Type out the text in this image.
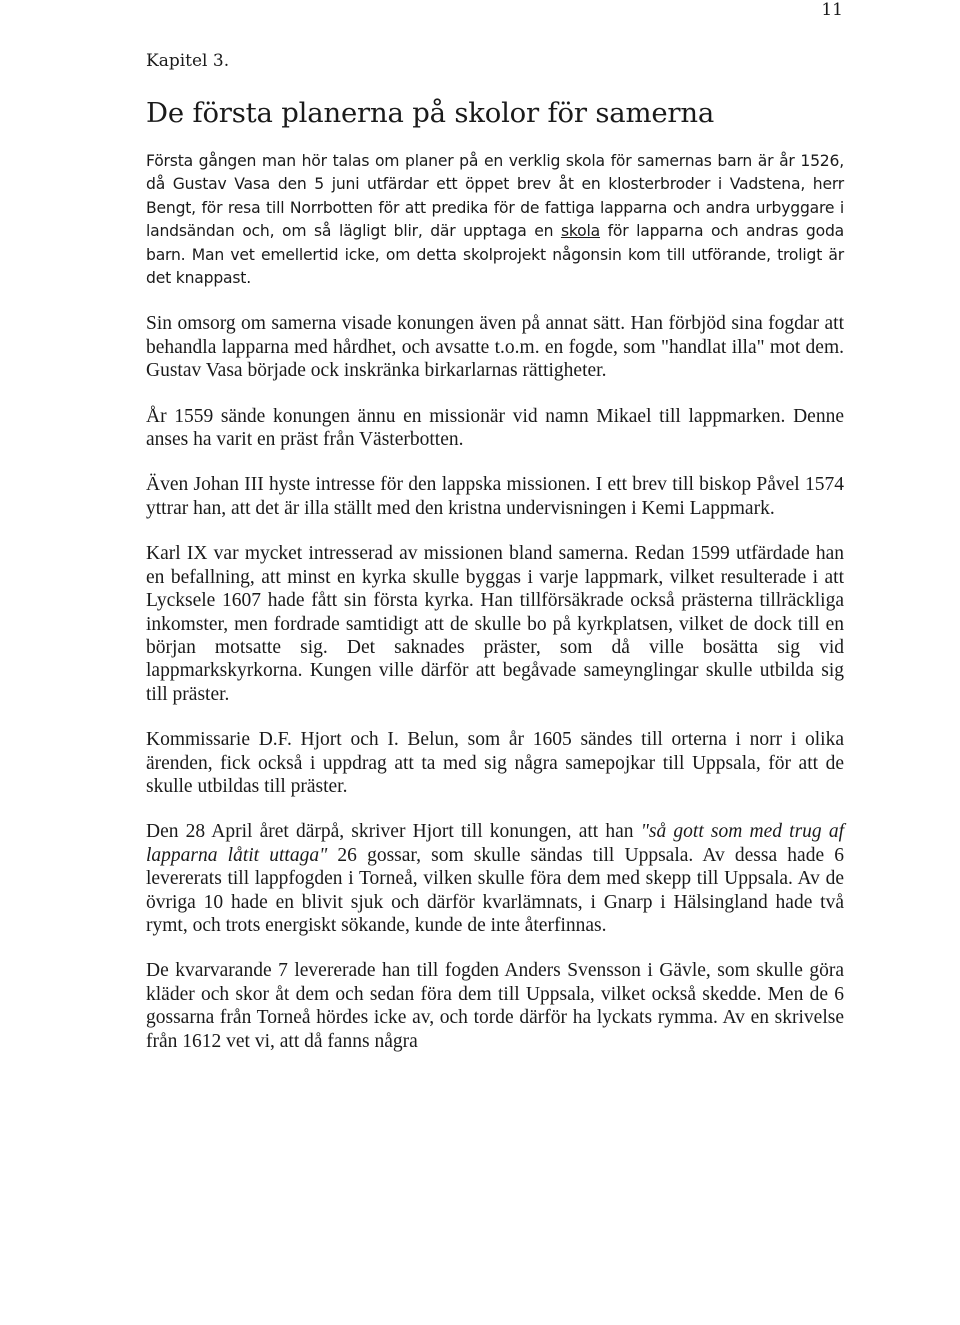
11
Kapitel 3.
De första planerna på skolor för samerna

Första gången man hör talas om planer på en verklig skola för samernas barn är år 1526, då Gustav Vasa den 5 juni utfärdar ett öppet brev åt en klosterbroder i Vadstena, herr Bengt, för resa till Norrbotten för att predika för de fattiga lapparna och andra urbyggare i landsändan och, om så lägligt blir, där upptaga en skola för lapparna och andras goda barn. Man vet emellertid icke, om detta skolprojekt någonsin kom till utförande, troligt är det knappast.

Sin omsorg om samerna visade konungen även på annat sätt. Han förbjöd sina fogdar att behandla lapparna med hårdhet, och avsatte t.o.m. en fogde, som "handlat illa" mot dem. Gustav Vasa började ock inskränka birkarlarnas rättigheter.

År 1559 sände konungen ännu en missionär vid namn Mikael till lappmarken. Denne anses ha varit en präst från Västerbotten.

Även Johan III hyste intresse för den lappska missionen. I ett brev till biskop Påvel 1574 yttrar han, att det är illa ställt med den kristna undervisningen i Kemi Lappmark.

Karl IX var mycket intresserad av missionen bland samerna. Redan 1599 utfärdade han en befallning, att minst en kyrka skulle byggas i varje lappmark, vilket resulterade i att Lycksele 1607 hade fått sin första kyrka. Han tillförsäkrade också prästerna tillräckliga inkomster, men fordrade samtidigt att de skulle bo på kyrkplatsen, vilket de dock till en början motsatte sig. Det saknades präster, som då ville bosätta sig vid lappmarkskyrkorna. Kungen ville därför att begåvade sameynglingar skulle utbilda sig till präster.

Kommissarie D.F. Hjort och I. Belun, som år 1605 sändes till orterna i norr i olika ärenden, fick också i uppdrag att ta med sig några samepojkar till Uppsala, för att de skulle utbildas till präster.

Den 28 April året därpå, skriver Hjort till konungen, att han "så gott som med trug af lapparna låtit uttaga" 26 gossar, som skulle sändas till Uppsala. Av dessa hade 6 levererats till lappfogden i Torneå, vilken skulle föra dem med skepp till Uppsala. Av de övriga 10 hade en blivit sjuk och därför kvarlämnats, i Gnarp i Hälsingland hade två rymt, och trots energiskt sökande, kunde de inte återfinnas.

De kvarvarande 7 levererade han till fogden Anders Svensson i Gävle, som skulle göra kläder och skor åt dem och sedan föra dem till Uppsala, vilket också skedde. Men de 6 gossarna från Torneå hördes icke av, och torde därför ha lyckats rymma. Av en skrivelse från 1612 vet vi, att då fanns några
